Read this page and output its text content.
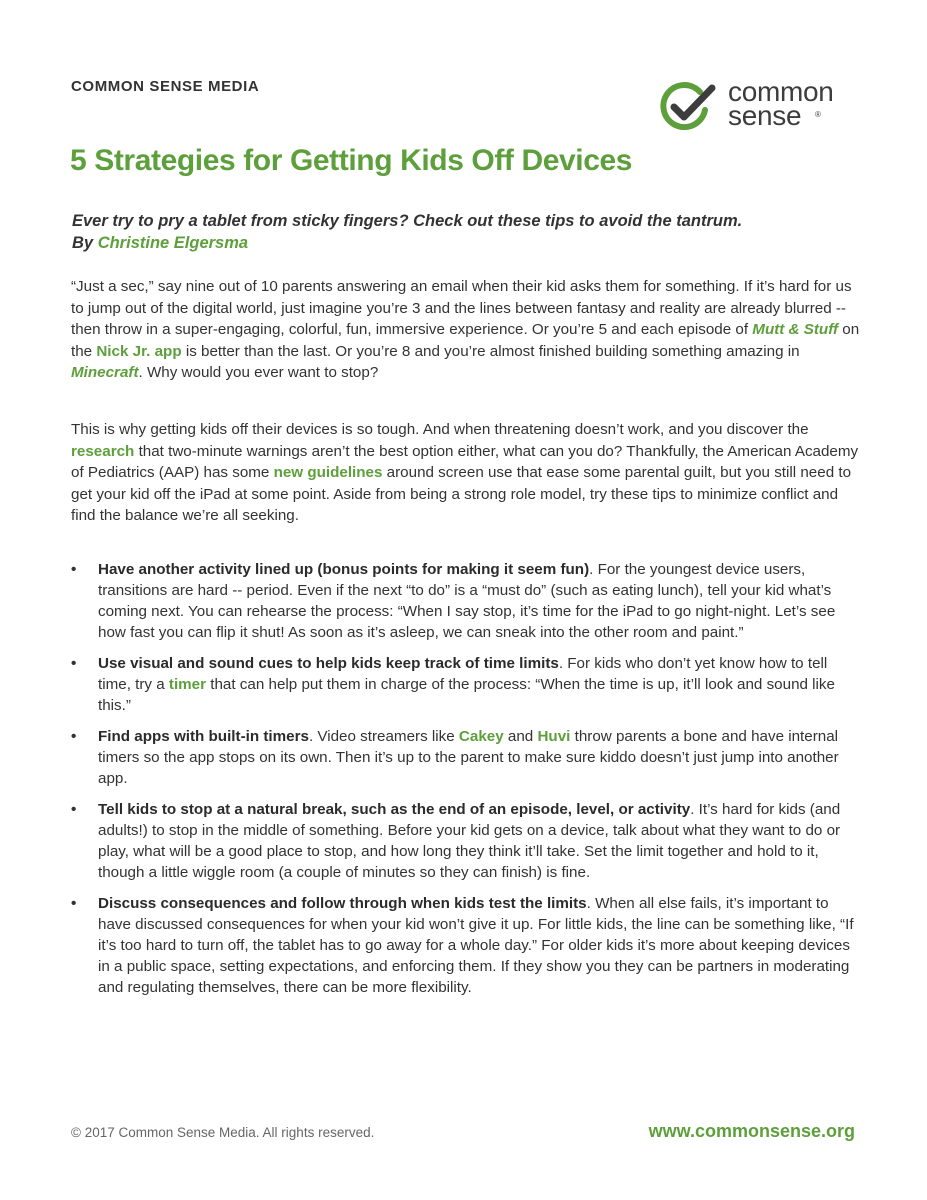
COMMON SENSE MEDIA	common
sense	®
5 Strategies for Getting Kids Off Devices
Ever try to pry a tablet from sticky fingers? Check out these tips to avoid the tantrum.
By Christine Elgersma

“Just a sec,” say nine out of 10 parents answering an email when their kid asks them for something. If it’s hard for us to jump out of the digital world, just imagine you’re 3 and the lines between fantasy and reality are already blurred -- then throw in a super-engaging, colorful, fun, immersive experience. Or you’re 5 and each episode of Mutt & Stuff on the Nick Jr. app is better than the last. Or you’re 8 and you’re almost finished building something amazing in Minecraft. Why would you ever want to stop?

This is why getting kids off their devices is so tough. And when threatening doesn’t work, and you discover the research that two-minute warnings aren’t the best option either, what can you do? Thankfully, the American Academy of Pediatrics (AAP) has some new guidelines around screen use that ease some parental guilt, but you still need to get your kid off the iPad at some point. Aside from being a strong role model, try these tips to minimize conflict and find the balance we’re all seeking.

• Have another activity lined up (bonus points for making it seem fun). For the youngest device users, transitions are hard -- period. Even if the next “to do” is a “must do” (such as eating lunch), tell your kid what’s coming next. You can rehearse the process: “When I say stop, it’s time for the iPad to go night-night. Let’s see how fast you can flip it shut! As soon as it’s asleep, we can sneak into the other room and paint.”
• Use visual and sound cues to help kids keep track of time limits. For kids who don’t yet know how to tell time, try a timer that can help put them in charge of the process: “When the time is up, it’ll look and sound like this.”
• Find apps with built-in timers. Video streamers like Cakey and Huvi throw parents a bone and have internal timers so the app stops on its own. Then it’s up to the parent to make sure kiddo doesn’t just jump into another app.
• Tell kids to stop at a natural break, such as the end of an episode, level, or activity. It’s hard for kids (and adults!) to stop in the middle of something. Before your kid gets on a device, talk about what they want to do or play, what will be a good place to stop, and how long they think it’ll take. Set the limit together and hold to it, though a little wiggle room (a couple of minutes so they can finish) is fine.
• Discuss consequences and follow through when kids test the limits. When all else fails, it’s important to have discussed consequences for when your kid won’t give it up. For little kids, the line can be something like, “If it’s too hard to turn off, the tablet has to go away for a whole day.” For older kids it’s more about keeping devices in a public space, setting expectations, and enforcing them. If they show you they can be partners in moderating and regulating themselves, there can be more flexibility.
© 2017 Common Sense Media. All rights reserved.	www.commonsense.org
